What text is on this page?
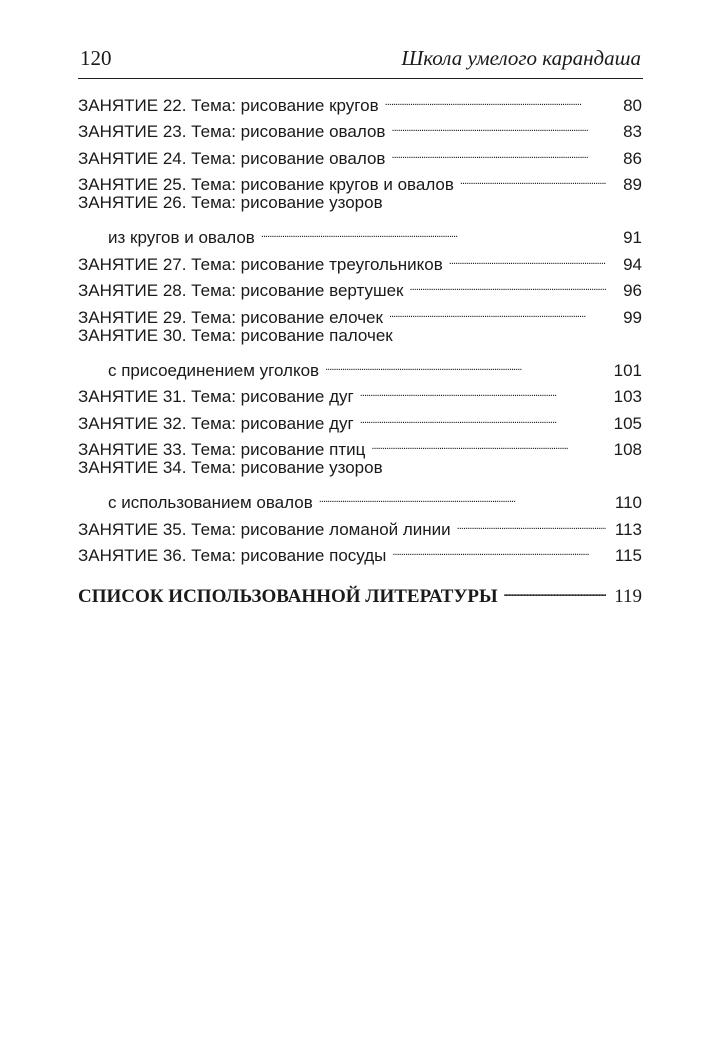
120	Школа умелого карандаша
ЗАНЯТИЕ 22. Тема: рисование кругов . . .	80
ЗАНЯТИЕ 23. Тема: рисование овалов . . .	83
ЗАНЯТИЕ 24. Тема: рисование овалов . . .	86
ЗАНЯТИЕ 25. Тема: рисование кругов и овалов . . .	89
ЗАНЯТИЕ 26. Тема: рисование узоров
из кругов и овалов . . .	91
ЗАНЯТИЕ 27. Тема: рисование треугольников . . .	94
ЗАНЯТИЕ 28. Тема: рисование вертушек . . .	96
ЗАНЯТИЕ 29. Тема: рисование елочек . . .	99
ЗАНЯТИЕ 30. Тема: рисование палочек
с присоединением уголков . . .	101
ЗАНЯТИЕ 31. Тема: рисование дуг . . .	103
ЗАНЯТИЕ 32. Тема: рисование дуг . . .	105
ЗАНЯТИЕ 33. Тема: рисование птиц . . .	108
ЗАНЯТИЕ 34. Тема: рисование узоров
с использованием овалов . . .	110
ЗАНЯТИЕ 35. Тема: рисование ломаной линии . . .	113
ЗАНЯТИЕ 36. Тема: рисование посуды . . .	115
СПИСОК ИСПОЛЬЗОВАННОЙ ЛИТЕРАТУРЫ . . .	119
